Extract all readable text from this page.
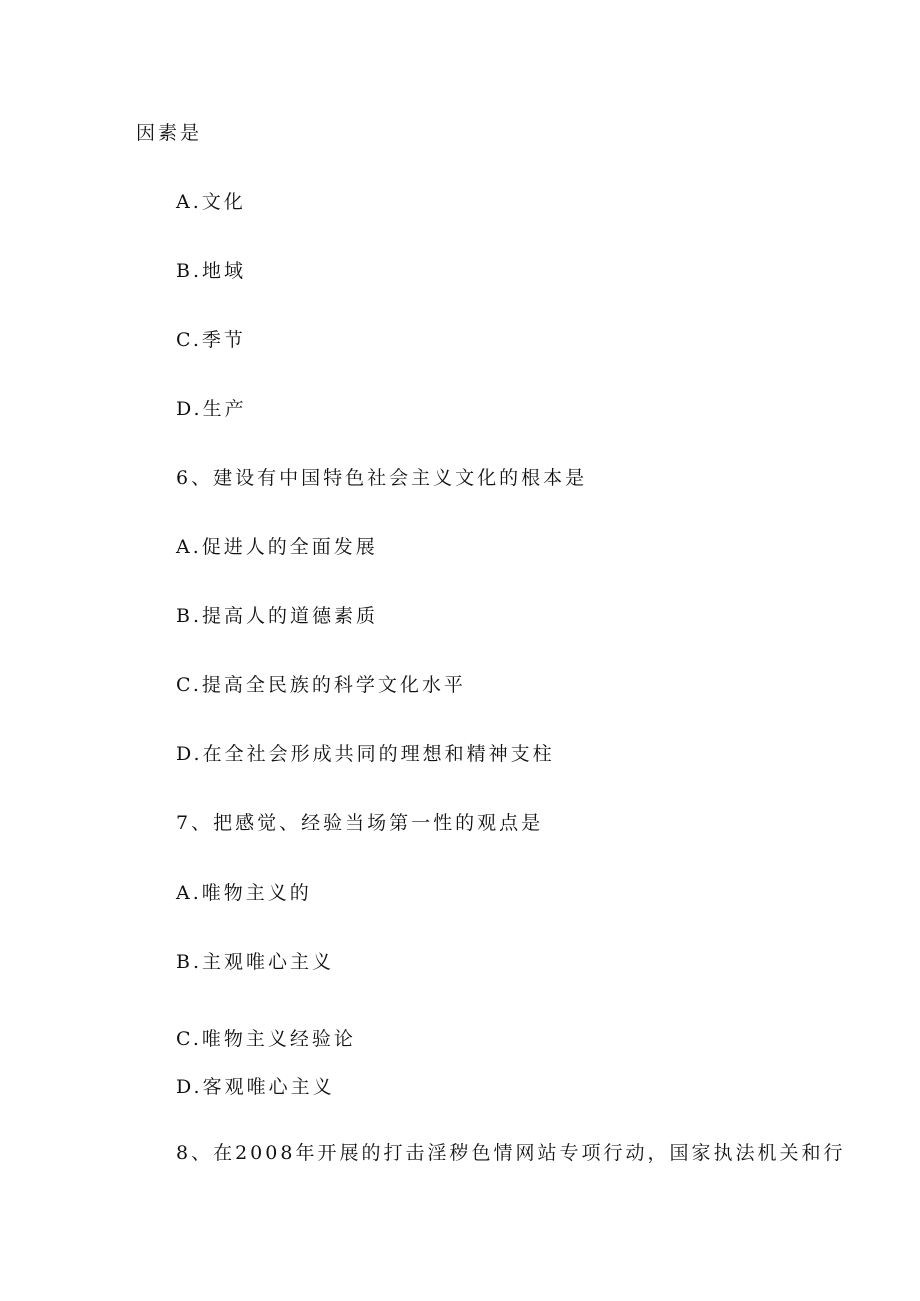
因素是
A.文化
B.地域
C.季节
D.生产
6、建设有中国特色社会主义文化的根本是
A.促进人的全面发展
B.提高人的道德素质
C.提高全民族的科学文化水平
D.在全社会形成共同的理想和精神支柱
7、把感觉、经验当场第一性的观点是
A.唯物主义的
B.主观唯心主义
C.唯物主义经验论
D.客观唯心主义
8、在2008年开展的打击淫秽色情网站专项行动，国家执法机关和行
